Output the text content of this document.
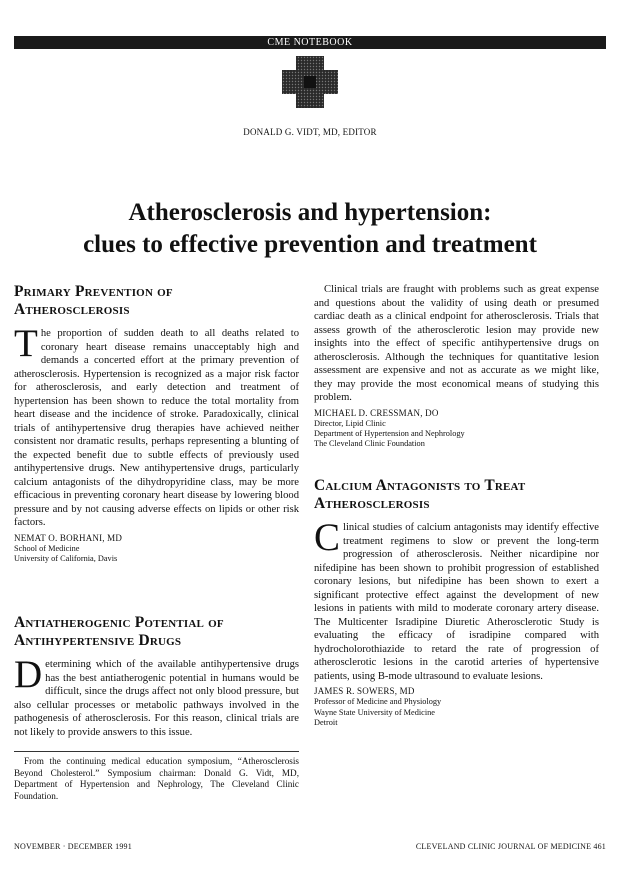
CME NOTEBOOK
DONALD G. VIDT, MD, EDITOR
Atherosclerosis and hypertension:
clues to effective prevention and treatment
Primary Prevention of
Atherosclerosis

The proportion of sudden death to all deaths related to coronary heart disease remains unacceptably high and demands a concerted effort at the primary prevention of atherosclerosis. Hypertension is recognized as a major risk factor for atherosclerosis, and early detection and treatment of hypertension has been shown to reduce the total mortality from heart disease and the incidence of stroke. Paradoxically, clinical trials of antihypertensive drug therapies have achieved neither consistent nor dramatic results, perhaps representing a blunting of the expected benefit due to subtle effects of previously used antihypertensive drugs. New antihypertensive drugs, particularly calcium antagonists of the dihydropyridine class, may be more efficacious in preventing coronary heart disease by lowering blood pressure and by not causing adverse effects on lipids or other risk factors.

NEMAT O. BORHANI, MD
School of Medicine
University of California, Davis
Antiatherogenic Potential of
Antihypertensive Drugs

Determining which of the available antihypertensive drugs has the best antiatherogenic potential in humans would be difficult, since the drugs affect not only blood pressure, but also cellular processes or metabolic pathways involved in the pathogenesis of atherosclerosis. For this reason, clinical trials are not likely to provide answers to this issue.

From the continuing medical education symposium, “Atherosclerosis Beyond Cholesterol.” Symposium chairman: Donald G. Vidt, MD, Department of Hypertension and Nephrology, The Cleveland Clinic Foundation.

Clinical trials are fraught with problems such as great expense and questions about the validity of using death or presumed cardiac death as a clinical endpoint for atherosclerosis. Trials that assess growth of the atherosclerotic lesion may provide new insights into the effect of specific antihypertensive drugs on atherosclerosis. Although the techniques for quantitative lesion assessment are expensive and not as accurate as we might like, they may provide the most economical means of studying this problem.

MICHAEL D. CRESSMAN, DO
Director, Lipid Clinic
Department of Hypertension and Nephrology
The Cleveland Clinic Foundation
Calcium Antagonists to Treat
Atherosclerosis

Clinical studies of calcium antagonists may identify effective treatment regimens to slow or prevent the long-term progression of atherosclerosis. Neither nicardipine nor nifedipine has been shown to prohibit progression of established coronary lesions, but nifedipine has been shown to exert a significant protective effect against the development of new lesions in patients with mild to moderate coronary artery disease. The Multicenter Isradipine Diuretic Atherosclerotic Study is evaluating the efficacy of isradipine compared with hydrocholorothiazide to retard the rate of progression of atherosclerotic lesions in the carotid arteries of hypertensive patients, using B-mode ultrasound to evaluate lesions.

JAMES R. SOWERS, MD
Professor of Medicine and Physiology
Wayne State University of Medicine
Detroit
NOVEMBER · DECEMBER 1991	CLEVELAND CLINIC JOURNAL OF MEDICINE 461
